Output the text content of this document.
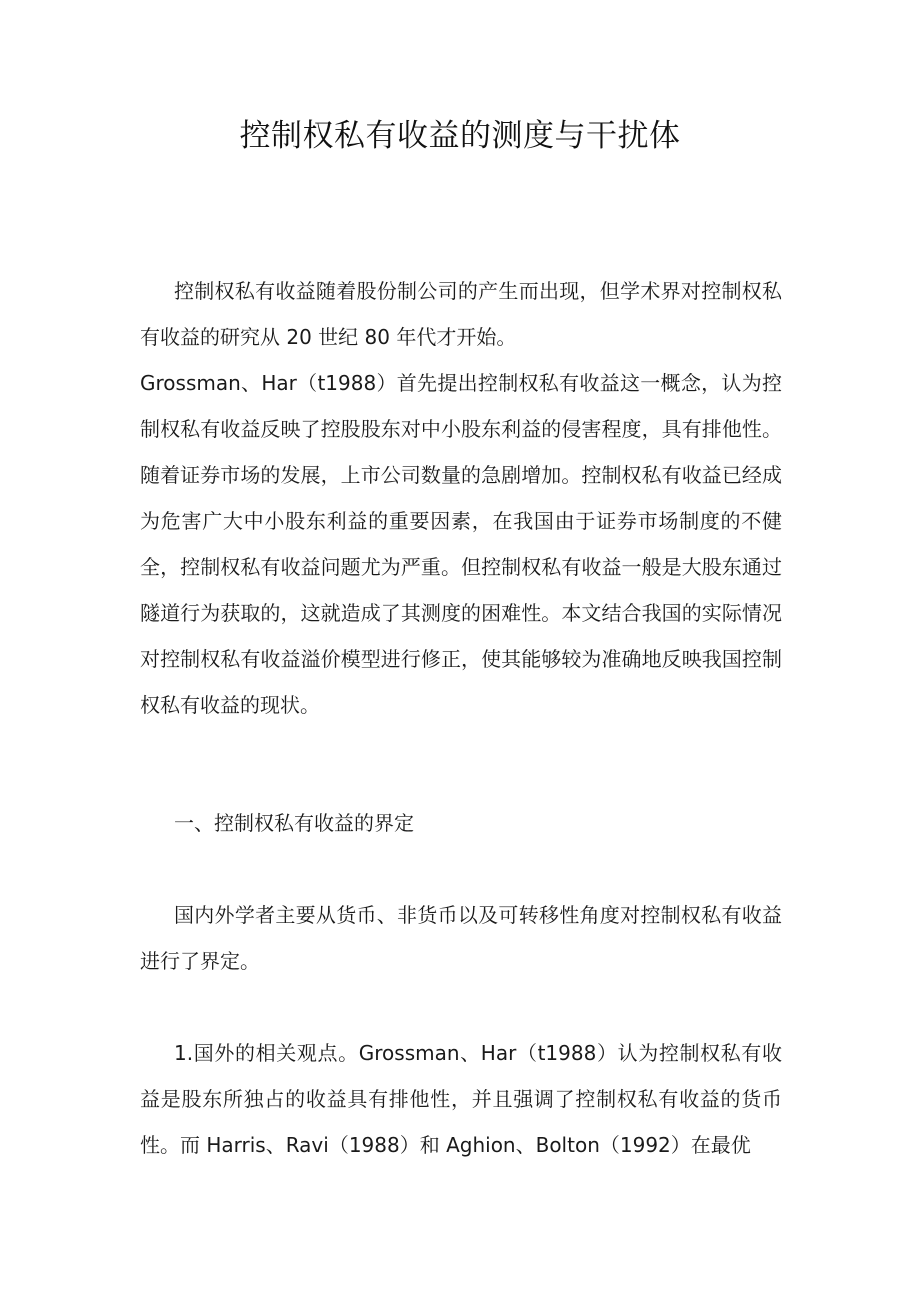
控制权私有收益的测度与干扰体

控制权私有收益随着股份制公司的产生而出现，但学术界对控制权私有收益的研究从 20 世纪 80 年代才开始。

Grossman、Har（t1988）首先提出控制权私有收益这一概念，认为控制权私有收益反映了控股股东对中小股东利益的侵害程度，具有排他性。随着证券市场的发展，上市公司数量的急剧增加。控制权私有收益已经成为危害广大中小股东利益的重要因素，在我国由于证券市场制度的不健全，控制权私有收益问题尤为严重。但控制权私有收益一般是大股东通过隧道行为获取的，这就造成了其测度的困难性。本文结合我国的实际情况对控制权私有收益溢价模型进行修正，使其能够较为准确地反映我国控制权私有收益的现状。

一、控制权私有收益的界定

国内外学者主要从货币、非货币以及可转移性角度对控制权私有收益进行了界定。

1.国外的相关观点。Grossman、Har（t1988）认为控制权私有收益是股东所独占的收益具有排他性，并且强调了控制权私有收益的货币性。而 Harris、Ravi（1988）和 Aghion、Bolton（1992）在最优
